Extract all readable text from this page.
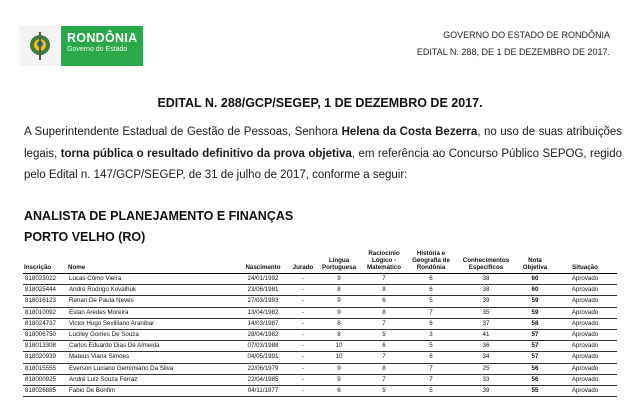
RONDÔNIA
Governo do Estado
GOVERNO DO ESTADO DE RONDÔNIA
EDITAL N. 288, DE 1 DE DEZEMBRO DE 2017.
EDITAL N. 288/GCP/SEGEP, 1 DE DEZEMBRO DE 2017.
A Superintendente Estadual de Gestão de Pessoas, Senhora Helena da Costa Bezerra, no uso de suas atribuições legais, torna pública o resultado definitivo da prova objetiva, em referência ao Concurso Público SEPOG, regido pelo Edital n. 147/GCP/SEGEP, de 31 de julho de 2017, conforme a seguir:
ANALISTA DE PLANEJAMENTO E FINANÇAS
PORTO VELHO (RO)
Inscrição	Nome	Nascimento	Jurado	Língua Portuguesa	Raciocínio Lógico - Matemático	História e Geografia de Rondônia	Conhecimentos Específicos	Nota Objetiva	Situação
818023022	Lucas Cômo Vieira	24/01/1992	-	9	7	6	38	60	Aprovado
818025444	André Rodrigo Kovalhuk	23/06/1981	-	8	8	6	38	60	Aprovado
818016123	Renan De Paula Neves	27/03/1993	-	9	6	5	39	59	Aprovado
818010092	Estan Aredes Moreira	13/04/1982	-	9	8	7	35	59	Aprovado
818024737	Victor Hugo Sevilliano Aranibar	14/03/1987	-	8	7	6	37	58	Aprovado
818006750	Luciley Gomes De Souza	28/04/1982	-	8	5	3	41	57	Aprovado
818013308	Carlos Eduardo Dias De Almeida	07/03/1988	-	10	6	5	36	57	Aprovado
818020939	Mateus Viana Simoes	04/05/1991	-	10	7	6	34	57	Aprovado
818015555	Everson Luciano Gemimiano Da Silva	22/06/1979	-	9	8	7	25	56	Aprovado
818000925	André Luiz Souza Ferraz	22/04/1985	-	9	7	7	33	56	Aprovado
818026885	Fabio De Bonfim	04/11/1977	-	6	5	5	39	55	Aprovado
